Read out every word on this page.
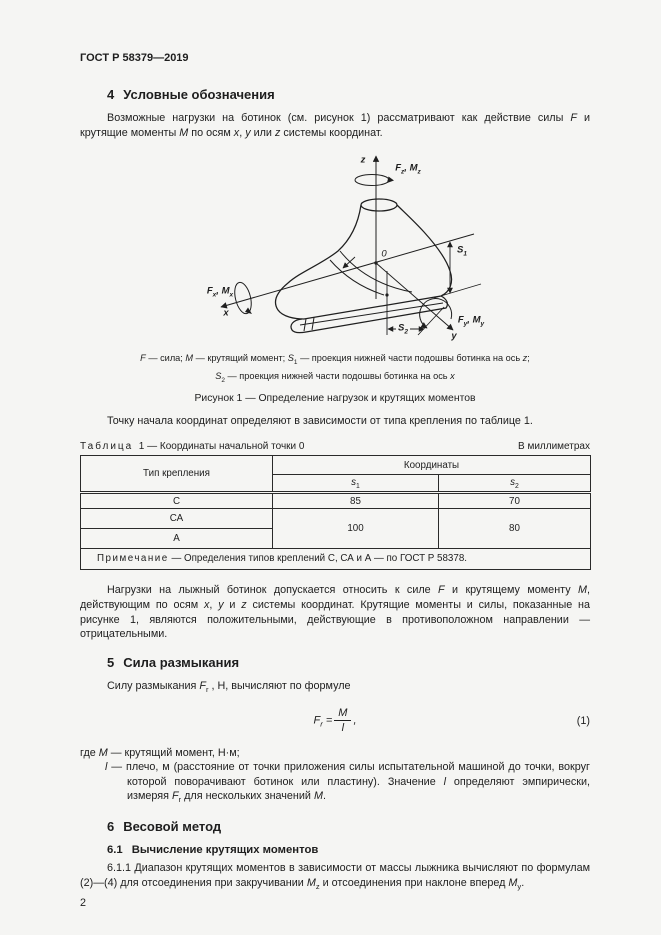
ГОСТ Р 58379—2019
4 Условные обозначения

Возможные нагрузки на ботинок (см. рисунок 1) рассматривают как действие силы F и крутящие моменты М по осям x, y или z системы координат.

z
$F_z$, $M_z$
0	$S_1$
$F_x$, $M_x$
x
$F_y$, $M_y$
y
$S_2$
F — сила; М — крутящий момент; $S_1$ — проекция нижней части подошвы ботинка на ось z;
$S_2$ — проекция нижней части подошвы ботинка на ось x
Рисунок 1 — Определение нагрузок и крутящих моментов

Точку начала координат определяют в зависимости от типа крепления по таблице 1.

Таблица 1 — Координаты начальной точки 0	В миллиметрах
Тип крепления	Координаты	
	$s_1$	$s_2$
С	85	70
СА	100	80
А		
Примечание — Определения типов креплений С, СА и А — по ГОСТ Р 58378.		

Нагрузки на лыжный ботинок допускается относить к силе F и крутящему моменту М, действующим по осям x, y и z системы координат. Крутящие моменты и силы, показанные на рисунке 1, являются положительными, действующие в противоположном направлении — отрицательными.

5 Сила размыкания

Силу размыкания $F_r$ , Н, вычисляют по формуле

$F_r = \frac{M}{l}$ ,	(1)

где М — крутящий момент, Н·м;

l — плечо, м (расстояние от точки приложения силы испытательной машиной до точки, вокруг которой поворачивают ботинок или пластину). Значение l определяют эмпирически, измеряя $F_r$ для нескольких значений М.

6 Весовой метод
6.1 Вычисление крутящих моментов

6.1.1 Диапазон крутящих моментов в зависимости от массы лыжника вычисляют по формулам (2)—(4) для отсоединения при закручивании $М_z$ и отсоединения при наклоне вперед $М_y$.

2
